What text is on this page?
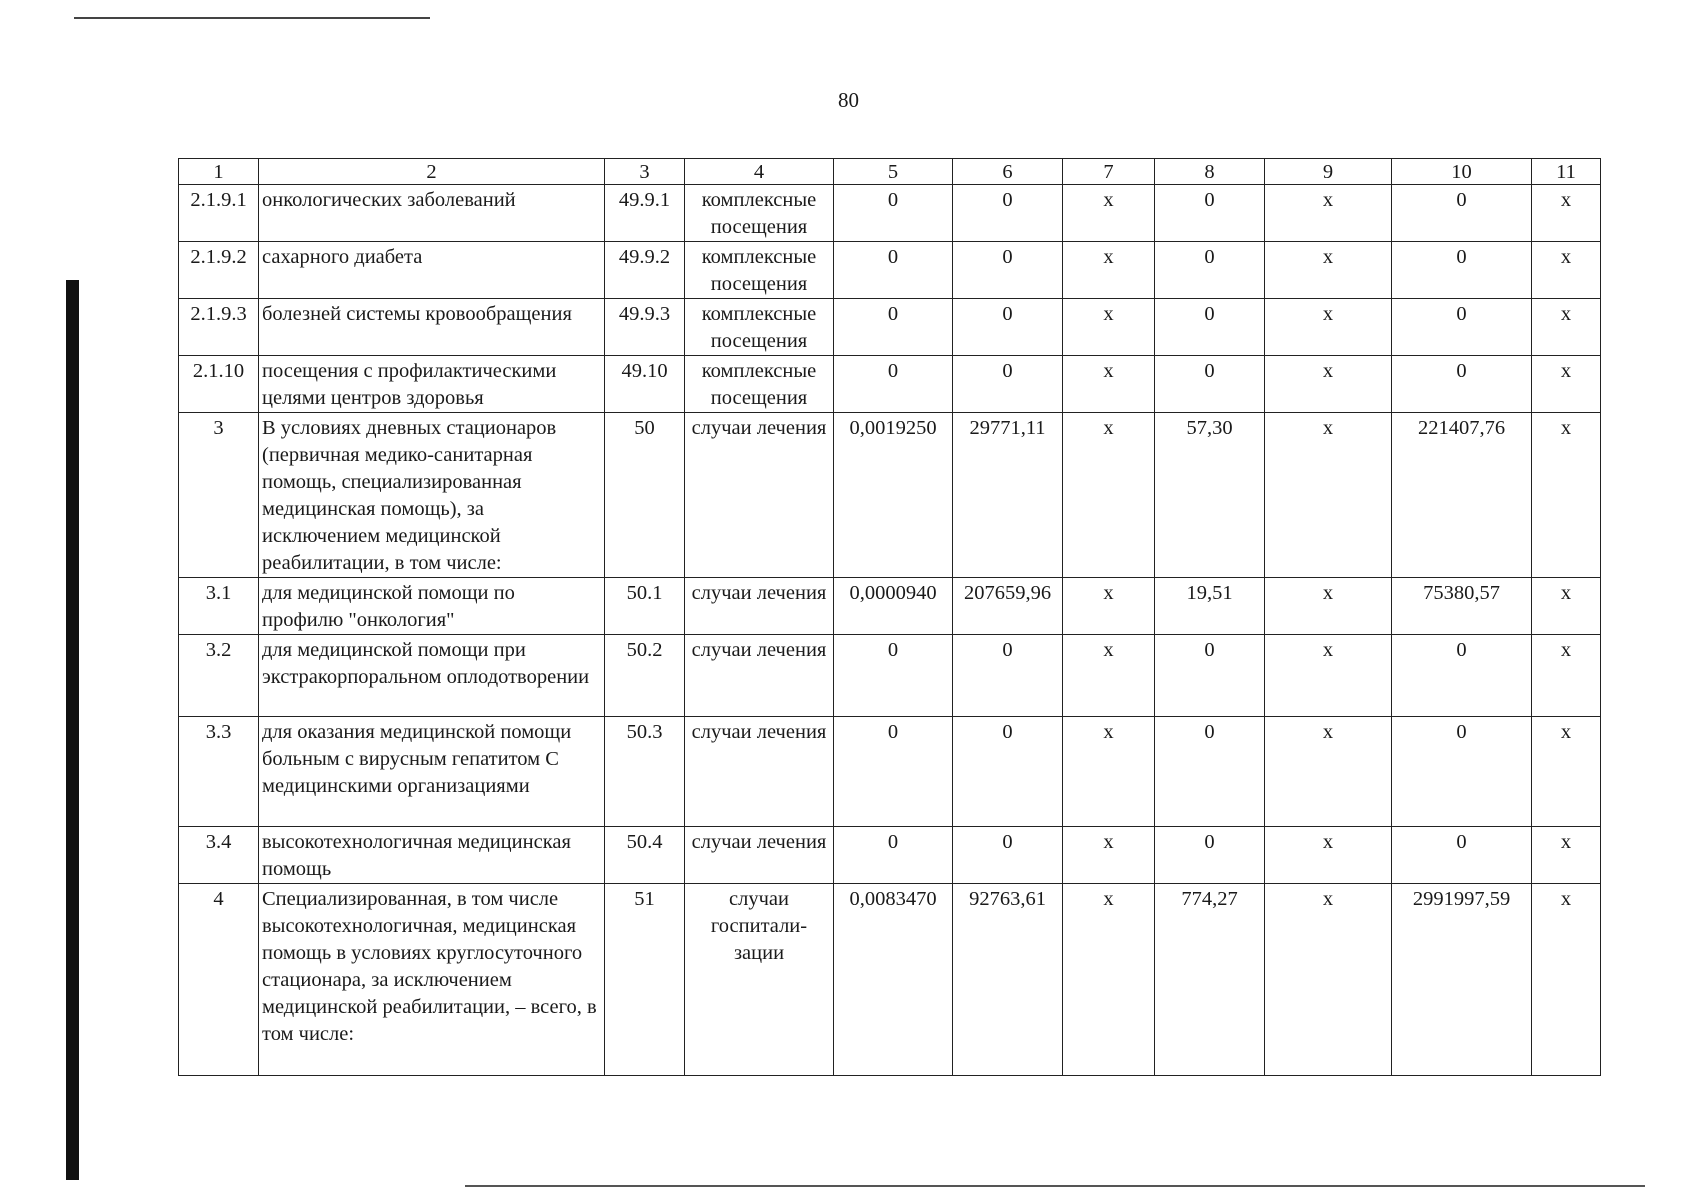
80
1	2	3	4	5	6	7	8	9	10	11
2.1.9.1	онкологических заболеваний	49.9.1	комплексные посещения	0	0	x	0	x	0	x
2.1.9.2	сахарного диабета	49.9.2	комплексные посещения	0	0	x	0	x	0	x
2.1.9.3	болезней системы кровообращения	49.9.3	комплексные посещения	0	0	x	0	x	0	x
2.1.10	посещения с профилактическими целями центров здоровья	49.10	комплексные посещения	0	0	x	0	x	0	x
3	В условиях дневных стационаров (первичная медико-санитарная помощь, специализированная медицинская помощь), за исключением медицинской реабилитации, в том числе:	50	случаи лечения	0,0019250	29771,11	x	57,30	x	221407,76	x
3.1	для медицинской помощи по профилю "онкология"	50.1	случаи лечения	0,0000940	207659,96	x	19,51	x	75380,57	x
3.2	для медицинской помощи при экстракорпоральном оплодотворении	50.2	случаи лечения	0	0	x	0	x	0	x
3.3	для оказания медицинской помощи больным с вирусным гепатитом С медицинскими организациями	50.3	случаи лечения	0	0	x	0	x	0	x
3.4	высокотехнологичная медицинская помощь	50.4	случаи лечения	0	0	x	0	x	0	x
4	Специализированная, в том числе высокотехнологичная, медицинская помощь в условиях круглосуточного стационара, за исключением медицинской реабилитации, – всего, в том числе:	51	случаи госпитали-зации	0,0083470	92763,61	x	774,27	x	2991997,59	x
